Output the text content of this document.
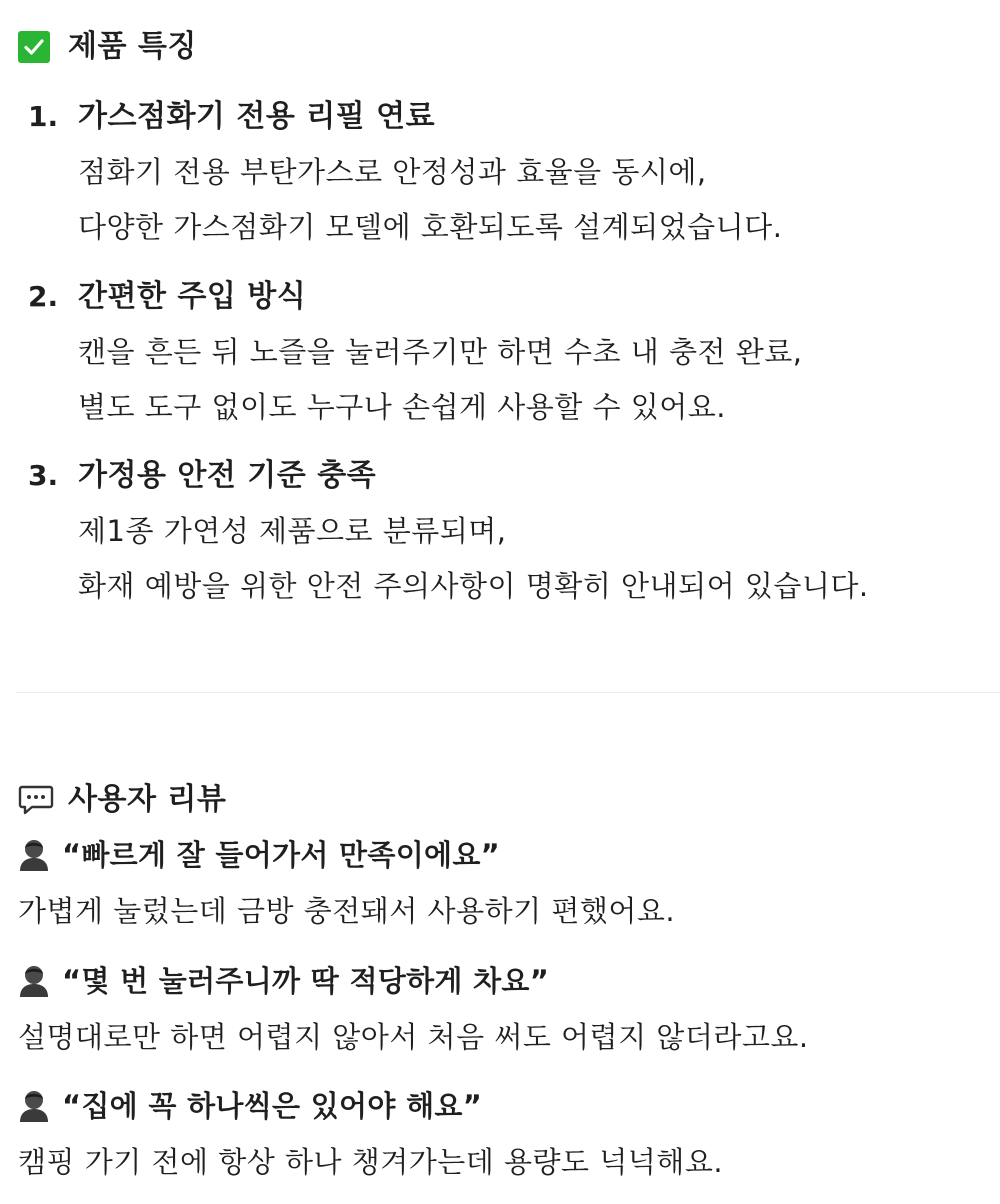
제품 특징
1. 가스점화기 전용 리필 연료
점화기 전용 부탄가스로 안정성과 효율을 동시에,
다양한 가스점화기 모델에 호환되도록 설계되었습니다.
2. 간편한 주입 방식
캔을 흔든 뒤 노즐을 눌러주기만 하면 수초 내 충전 완료,
별도 도구 없이도 누구나 손쉽게 사용할 수 있어요.
3. 가정용 안전 기준 충족
제1종 가연성 제품으로 분류되며,
화재 예방을 위한 안전 주의사항이 명확히 안내되어 있습니다.
사용자 리뷰
“빠르게 잘 들어가서 만족이에요”
가볍게 눌렀는데 금방 충전돼서 사용하기 편했어요.
“몇 번 눌러주니까 딱 적당하게 차요”
설명대로만 하면 어렵지 않아서 처음 써도 어렵지 않더라고요.
“집에 꼭 하나씩은 있어야 해요”
캠핑 가기 전에 항상 하나 챙겨가는데 용량도 넉넉해요.
